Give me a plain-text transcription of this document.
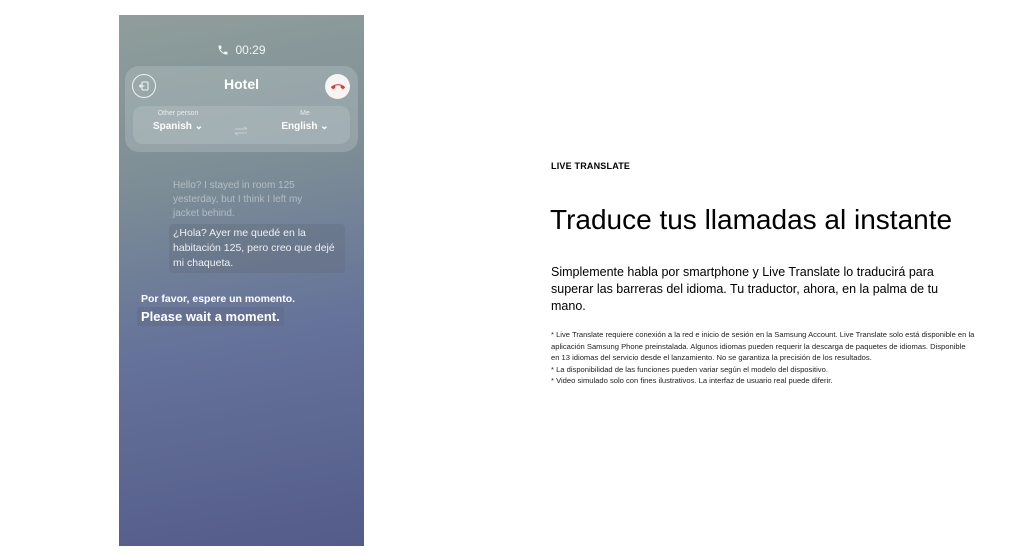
00:29
Hotel
Other person
Spanish ⌄
Me
English ⌄
Hello? I stayed in room 125 yesterday, but I think I left my jacket behind.
¿Hola? Ayer me quedé en la habitación 125, pero creo que dejé mi chaqueta.
Por favor, espere un momento.
Please wait a moment.
LIVE TRANSLATE
Traduce tus llamadas al instante
Simplemente habla por smartphone y Live Translate lo traducirá para superar las barreras del idioma. Tu traductor, ahora, en la palma de tu mano.

* Live Translate requiere conexión a la red e inicio de sesión en la Samsung Account. Live Translate solo está disponible en la aplicación Samsung Phone preinstalada. Algunos idiomas pueden requerir la descarga de paquetes de idiomas. Disponible en 13 idiomas del servicio desde el lanzamiento. No se garantiza la precisión de los resultados.

* La disponibilidad de las funciones pueden variar según el modelo del dispositivo.

* Video simulado solo con fines ilustrativos. La interfaz de usuario real puede diferir.
